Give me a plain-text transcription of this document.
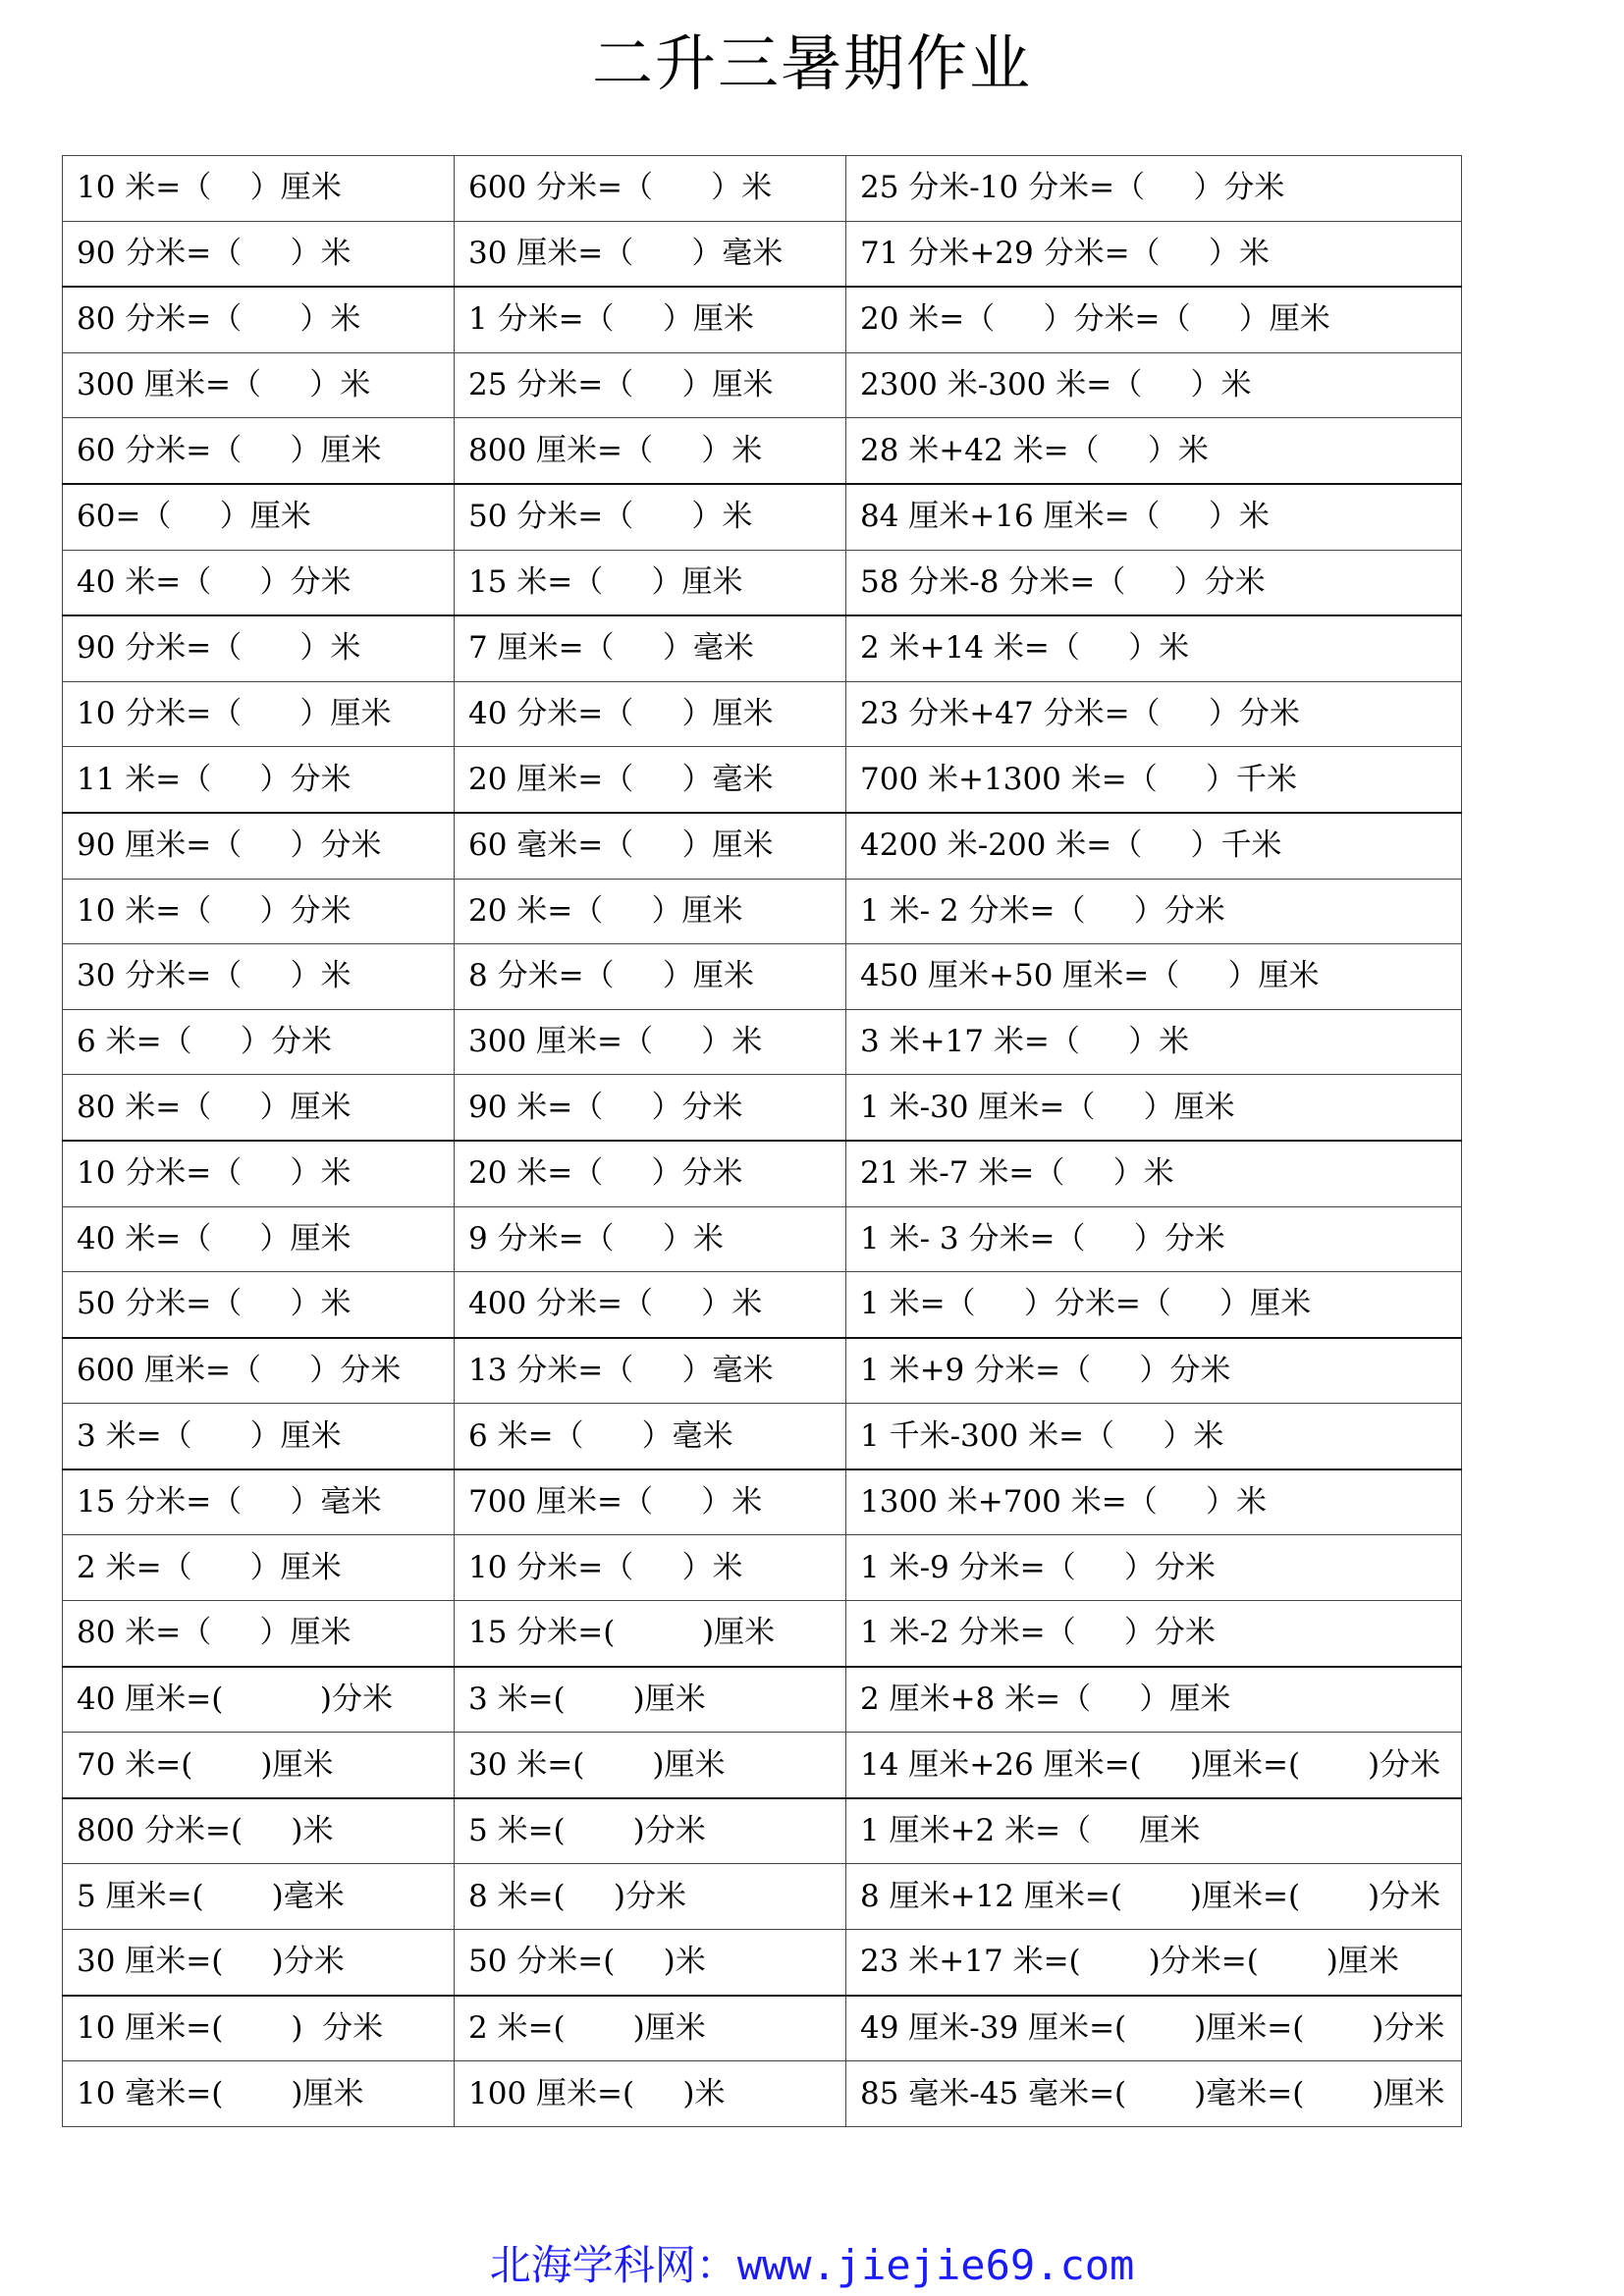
二升三暑期作业
10 米=（    ）厘米	600 分米=（      ）米	25 分米-10 分米=（     ）分米
90 分米=（     ）米	30 厘米=（      ）毫米	71 分米+29 分米=（     ）米
80 分米=（      ）米	1 分米=（     ）厘米	20 米=（     ）分米=（     ）厘米
300 厘米=（     ）米	25 分米=（     ）厘米	2300 米-300 米=（     ）米
60 分米=（     ）厘米	800 厘米=（     ）米	28 米+42 米=（     ）米
60=（     ）厘米	50 分米=（      ）米	84 厘米+16 厘米=（     ）米
40 米=（     ）分米	15 米=（     ）厘米	58 分米-8 分米=（     ）分米
90 分米=（      ）米	7 厘米=（     ）毫米	2 米+14 米=（     ）米
10 分米=（      ）厘米	40 分米=（     ）厘米	23 分米+47 分米=（     ）分米
11 米=（     ）分米	20 厘米=（     ）毫米	700 米+1300 米=（     ）千米
90 厘米=（     ）分米	60 毫米=（     ）厘米	4200 米-200 米=（     ）千米
10 米=（     ）分米	20 米=（     ）厘米	1 米- 2 分米=（     ）分米
30 分米=（     ）米	8 分米=（     ）厘米	450 厘米+50 厘米=（     ）厘米
6 米=（     ）分米	300 厘米=（     ）米	3 米+17 米=（     ）米
80 米=（     ）厘米	90 米=（     ）分米	1 米-30 厘米=（     ）厘米
10 分米=（     ）米	20 米=（     ）分米	21 米-7 米=（     ）米
40 米=（     ）厘米	9 分米=（     ）米	1 米- 3 分米=（     ）分米
50 分米=（     ）米	400 分米=（     ）米	1 米=（     ）分米=（     ）厘米
600 厘米=（     ）分米	13 分米=（     ）毫米	1 米+9 分米=（     ）分米
3 米=（      ）厘米	6 米=（      ）毫米	1 千米-300 米=（     ）米
15 分米=（     ）毫米	700 厘米=（     ）米	1300 米+700 米=（     ）米
2 米=（      ）厘米	10 分米=（     ）米	1 米-9 分米=（     ）分米
80 米=（     ）厘米	15 分米=(         )厘米	1 米-2 分米=（     ）分米
40 厘米=(          )分米	3 米=(       )厘米	2 厘米+8 米=（     ）厘米
70 米=(       )厘米	30 米=(       )厘米	14 厘米+26 厘米=(     )厘米=(       )分米
800 分米=(     )米	5 米=(       )分米	1 厘米+2 米=（     厘米
5 厘米=(       )毫米	8 米=(     )分米	8 厘米+12 厘米=(       )厘米=(       )分米
30 厘米=(     )分米	50 分米=(     )米	23 米+17 米=(       )分米=(       )厘米
10 厘米=(       )  分米	2 米=(       )厘米	49 厘米-39 厘米=(       )厘米=(       )分米
10 毫米=(       )厘米	100 厘米=(     )米	85 毫米-45 毫米=(       )毫米=(       )厘米
北海学科网：www.jiejie69.com
